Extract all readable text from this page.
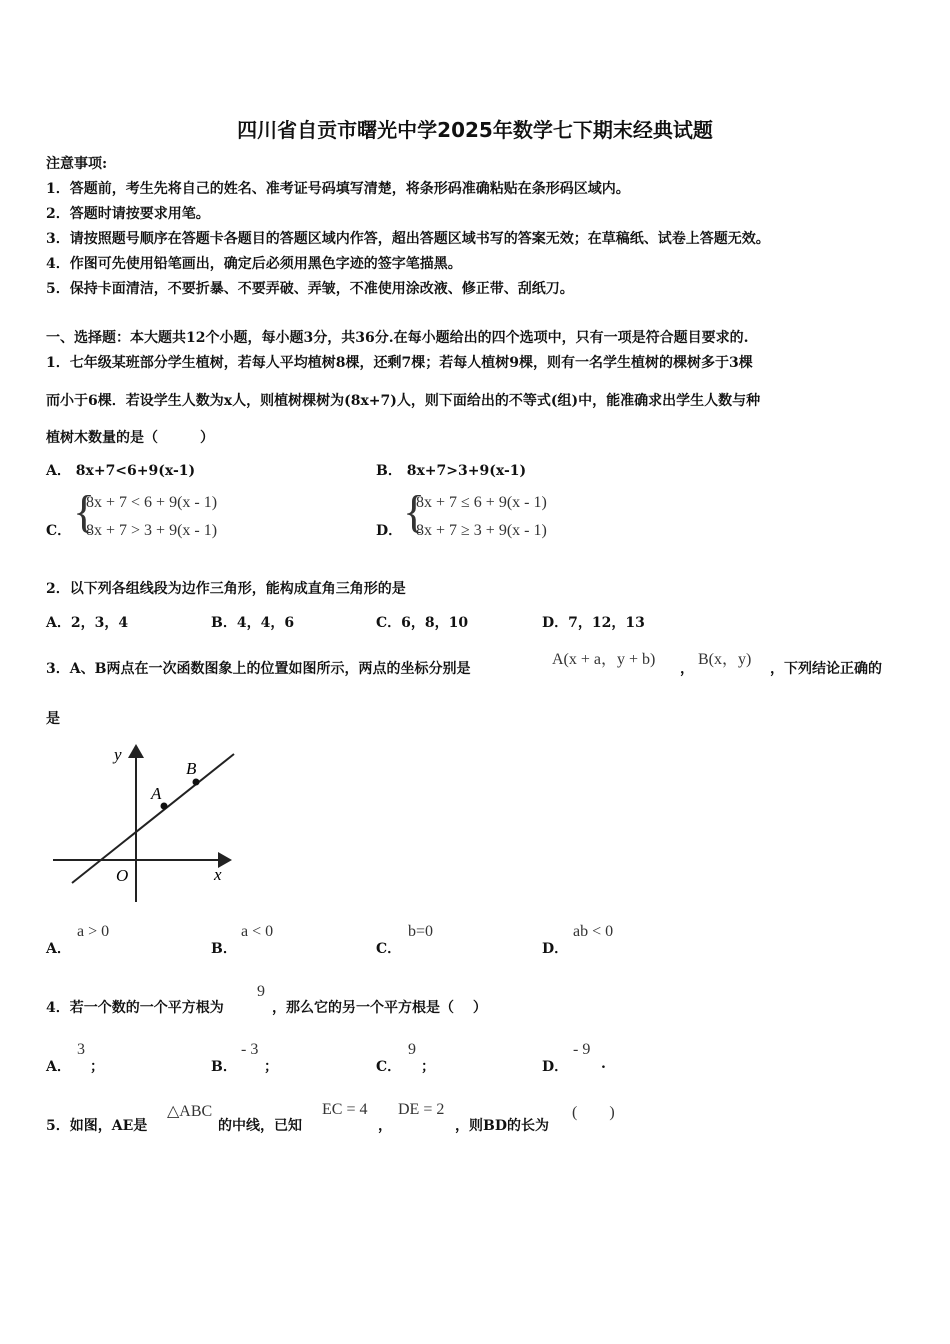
四川省自贡市曙光中学2025年数学七下期末经典试题
注意事项:
1．答题前，考生先将自己的姓名、准考证号码填写清楚，将条形码准确粘贴在条形码区域内。
2．答题时请按要求用笔。
3．请按照题号顺序在答题卡各题目的答题区域内作答，超出答题区域书写的答案无效；在草稿纸、试卷上答题无效。
4．作图可先使用铅笔画出，确定后必须用黑色字迹的签字笔描黑。
5．保持卡面清洁，不要折暴、不要弄破、弄皱，不准使用涂改液、修正带、刮纸刀。
一、选择题：本大题共12个小题，每小题3分，共36分.在每小题给出的四个选项中，只有一项是符合题目要求的.
1．七年级某班部分学生植树，若每人平均植树8棵，还剩7棵；若每人植树9棵，则有一名学生植树的棵树多于3棵
而小于6棵．若设学生人数为x人，则植树棵树为(8x+7)人，则下面给出的不等式(组)中，能准确求出学生人数与种
植树木数量的是（　　　）
A． 8x+7<6+9(x-1)	B． 8x+7>3+9(x-1)
C． {
8x + 7 < 6 + 9(x - 1)
8x + 7 > 3 + 9(x - 1)	D． {
8x + 7 ≤ 6 + 9(x - 1)
8x + 7 ≥ 3 + 9(x - 1)
2．以下列各组线段为边作三角形，能构成直角三角形的是
A．2，3，4	B．4，4，6	C．6，8，10	D．7，12，13
3．A、B两点在一次函数图象上的位置如图所示，两点的坐标分别是
A(x + a，y + b)
，
B(x，y)
，下列结论正确的
是
y
x
O
A
B
A．
a > 0
B．
a < 0
C．
b=0
D．
ab < 0
4．若一个数的一个平方根为
9
，那么它的另一个平方根是（　 ）
A．
3
；	B．
- 3
；	C．
9
；	D．
- 9
.
5．如图，AE是
△ABC
的中线，已知
EC = 4
，
DE = 2
，则BD的长为
(　　)
